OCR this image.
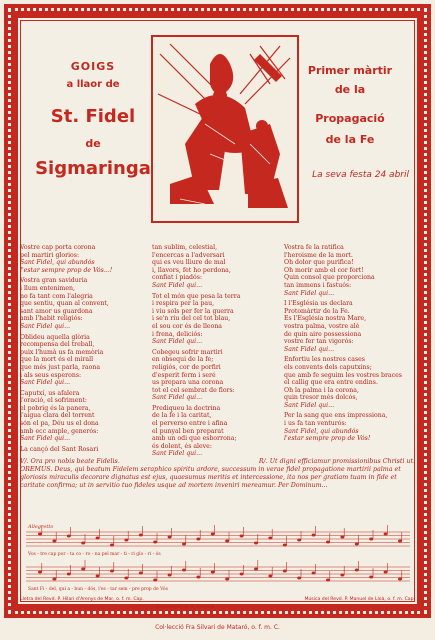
GOIGS
a llaor de
St. Fidel
de
Sigmaringa
Primer màrtir
de la
Propagació
de la Fe
La seva festa 24 abril

Vostre cap porta corona
pel martiri glorios:
Sant Fidel, qui abundós
l'estar sempre prop de Vós...!

Vostra gran saviduria
i llum entenimen,
no fa tant com l'alegria
que sentiu, quan al convent,
sant amor us guardona
amb l'habit religiós:
Sant Fidel qui...

Oblideu aquella glòria
recompensa del treball,
puix l'humà us fa memòria
que la mort és el mirall
que més just parla, raona
i als seus esperons:
Sant Fidel qui...

Caputxí, us afalera
l'oració, el sofriment:
el pobrig és la panera,
l'aigua clara del torrent
són el pa, Déu us el dona
amb ecc ample, generós:
Sant Fidel qui...

La cançó del Sant Rosari

tan sublim, celestial,
l'encercas a l'adversari
qui es veu lliure de mal
i, llavors, fet ho perdona,
confiat i piadós:
Sant Fidel qui...

Tot el món que pesa la terra
i respira per la pau,
i viu sols per fer la guerra
i se'n riu del cel tot blau,
el sou cor és de lleona
i frena, deliciós:
Sant Fidel qui...

Cobegeu sofrir martiri
en obsequi de la fe;
religiós, cor de porfiri
d'esperit ferm i seré
us prepara una corona
tot el cel sembrat de flors:
Sant Fidel qui...

Prediqueu la doctrina
de la fe i la caritat,
el perverso entre i afina
el punyal ben preparat
amb un odi que esborrona;
és dolent, és aleve:
Sant Fidel qui...

Vostra fe la ratifica
l'heroisme de la mort.
Oh dolor que purifica!
Oh morir amb el cor fort!
Quin consol que proporciona
tan immens i fastuós:
Sant Fidel qui...

I l'Església us declara
Protomàrtir de la Fe.
Es l'Església nostra Mare,
vostra palma, vostre alè
de quin aire possessiona
vostre fer tan vigorós:
Sant Fidel qui...

Enfortiu les nostres cases
els convents dels caputxins;
que amb fe seguim les vostres braces
el callig que era entre endins.
Oh la palma i la corona,
quin tresor més dolcós,
Sant Fidel qui...

Per la sang que ens impressiona,
i us fa tan venturós:
Sant Fidel, qui abundós
l'estar sempre prop de Vós!

V/. Ora pro nobis beate Fidelis.	R/. Ut digni efficiamur promissionibus Christi ut.
OREMUS. Deus, qui beatum Fidelem seraphico spiritu ardore, successum in verae fidel propagatione martirii palma et gloriosis miraculis decorare dignatus est ejus, quaesumus meritis et intercessione, ita nos per gratiam tuam in fide et caritate confirma; ut in servitio tuo fideles usque ad mortem inveniri mereamur. Per Dominum...
Allegretto
Vos - tre cap por - ta co - ro - na pel mar - ti - ri glo - ri - ós
Sant Fi - del, qui a - bun - dós, l'es - tar sem - pre prop de Vós
Lletra del Revd. P. Hilari d'Arenys de Mar, o. f. m. Cap.	Música del Revd. P. Manuel de Lloà, o. f. m. Cap.
Gravament de R. Padrosa
Col·lecció Fra Silvari de Mataró, o. f. m. C.
